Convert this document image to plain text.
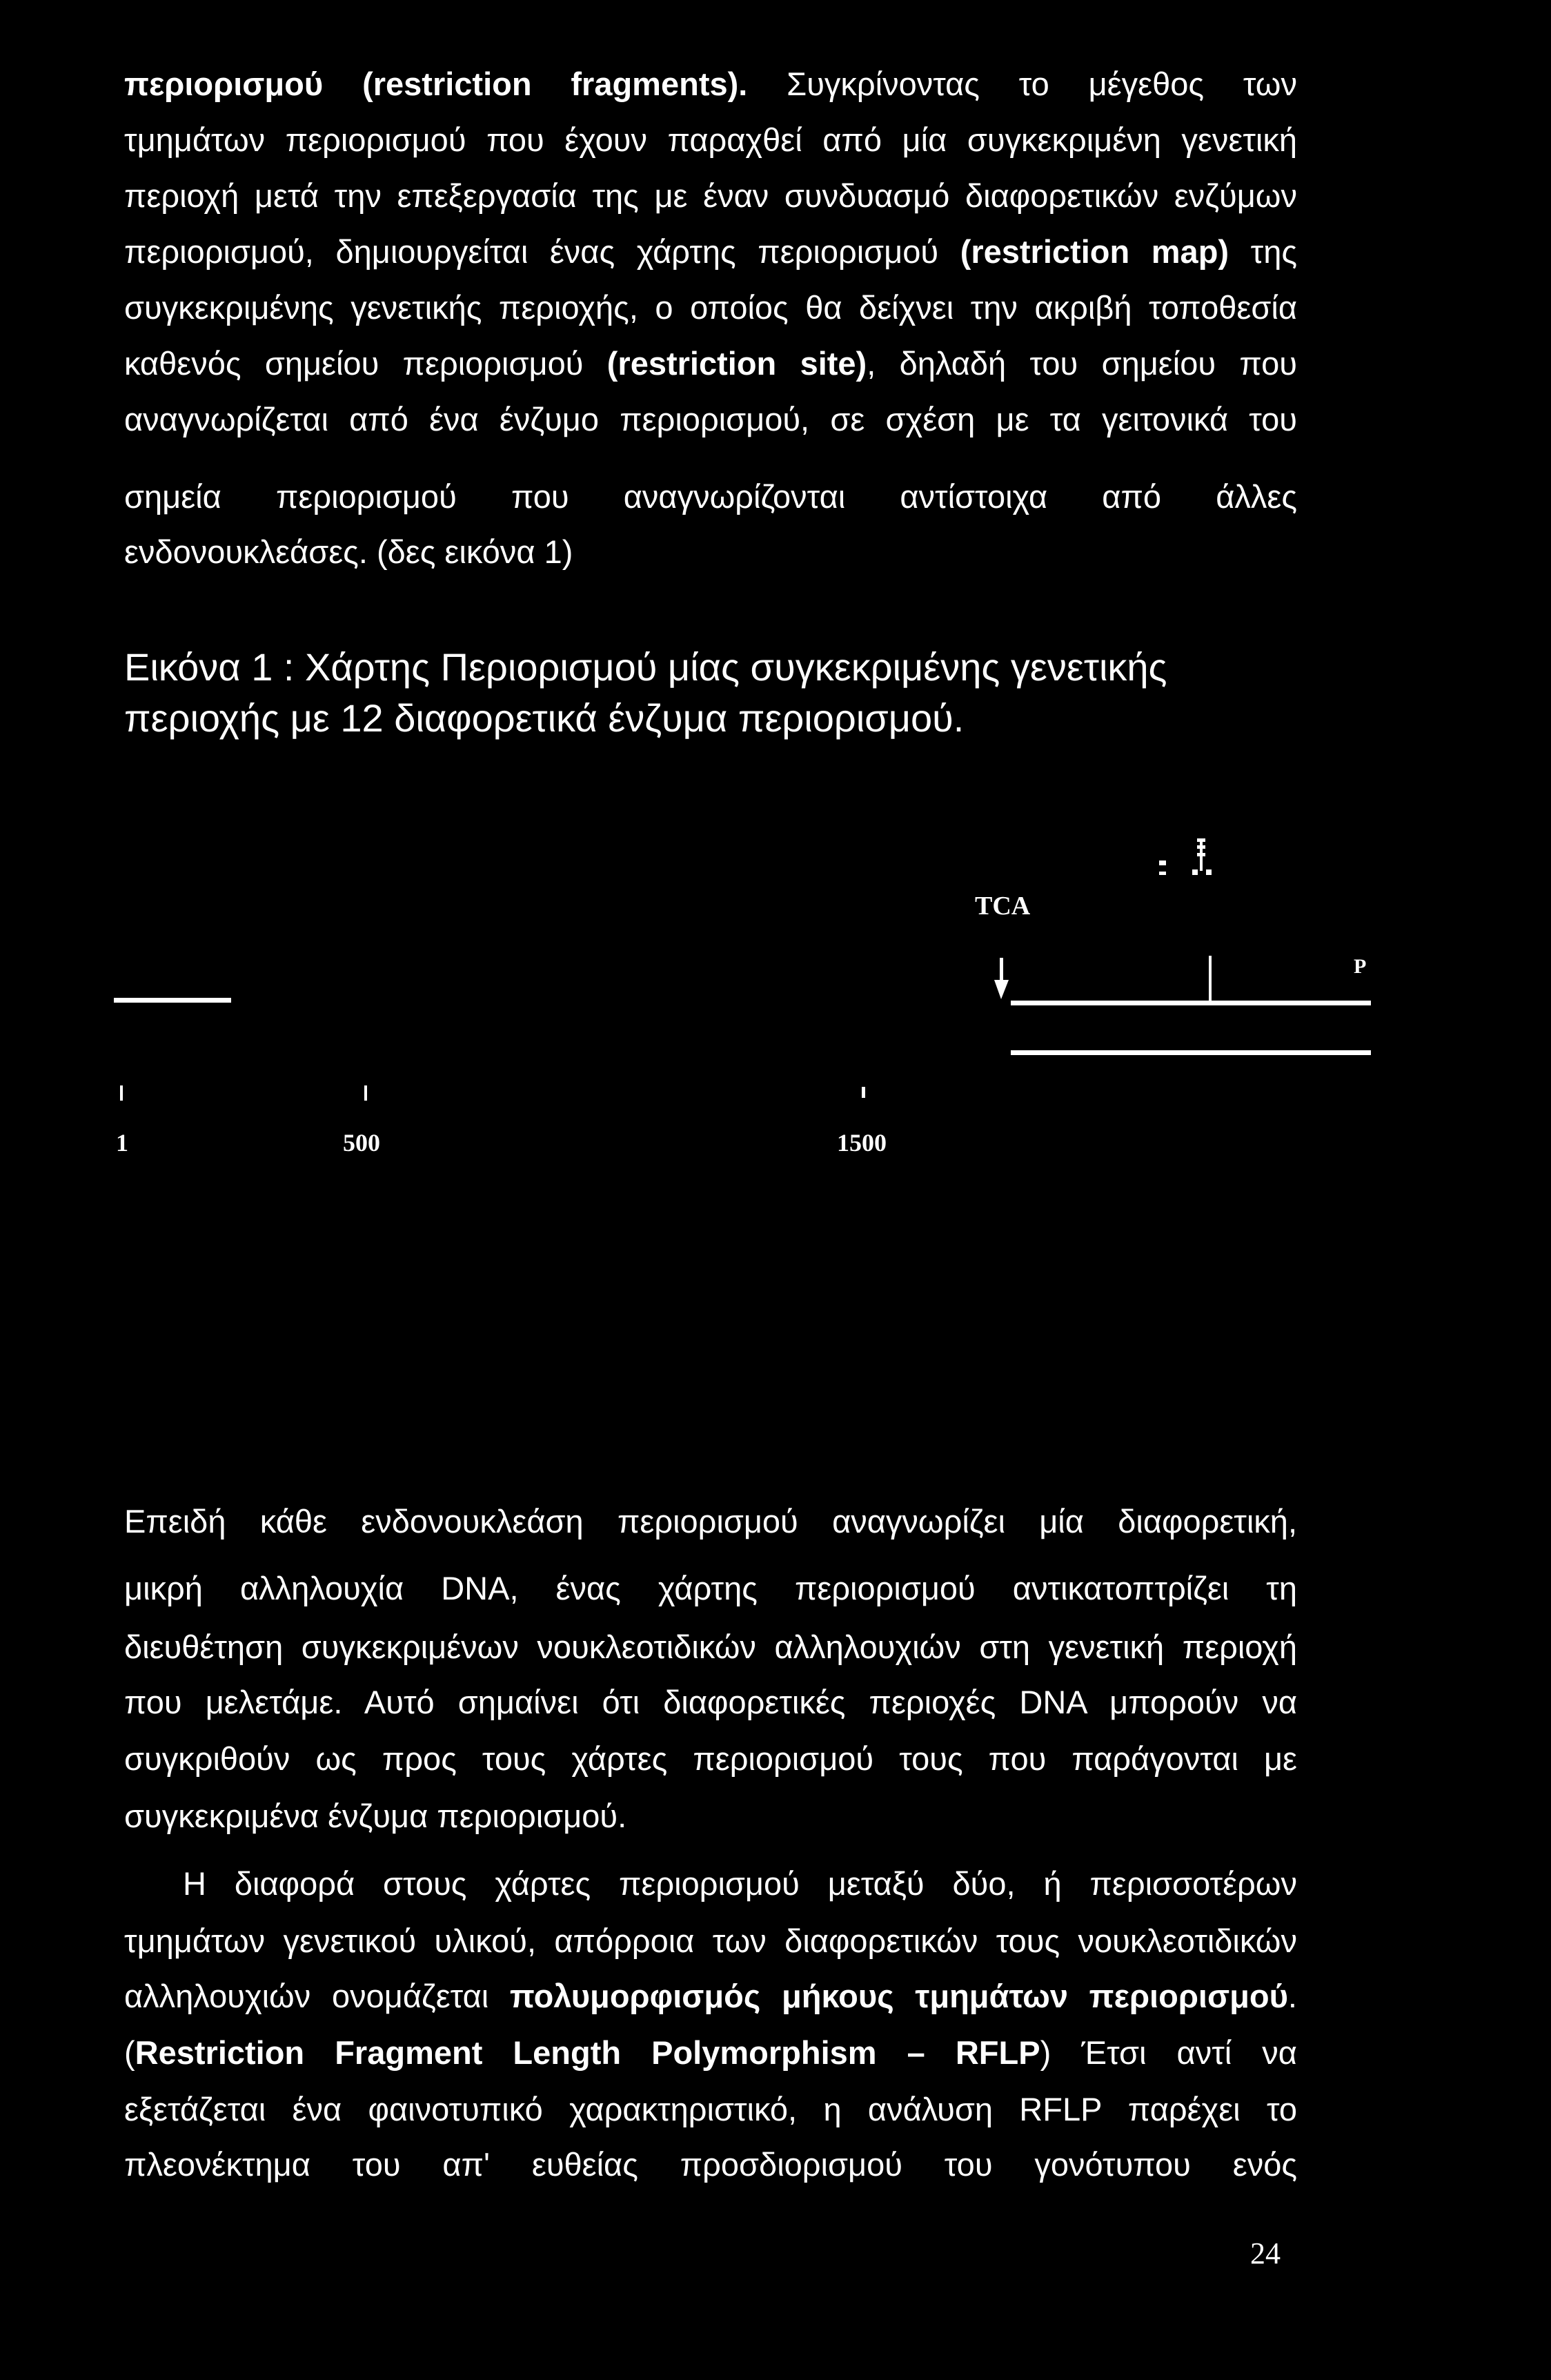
περιορισμού (restriction fragments). Συγκρίνοντας το μέγεθος των
τμημάτων περιορισμού που έχουν παραχθεί από μία συγκεκριμένη γενετική
περιοχή μετά την επεξεργασία της με έναν συνδυασμό διαφορετικών ενζύμων
περιορισμού, δημιουργείται ένας χάρτης περιορισμού (restriction map) της
συγκεκριμένης γενετικής περιοχής, ο οποίος θα δείχνει την ακριβή τοποθεσία
καθενός σημείου περιορισμού (restriction site), δηλαδή του σημείου που
αναγνωρίζεται από ένα ένζυμο περιορισμού, σε σχέση με τα γειτονικά του
σημεία περιορισμού που αναγνωρίζονται αντίστοιχα από άλλες
ενδονουκλεάσες. (δες εικόνα 1)
Εικόνα 1 : Χάρτης Περιορισμού μίας συγκεκριμένης γενετικής
περιοχής με 12 διαφορετικά ένζυμα περιορισμού.
TCA
P
1	500	1500
Επειδή κάθε ενδονουκλεάση περιορισμού αναγνωρίζει μία διαφορετική,
μικρή αλληλουχία DNA, ένας χάρτης περιορισμού αντικατοπτρίζει τη
διευθέτηση συγκεκριμένων νουκλεοτιδικών αλληλουχιών στη γενετική περιοχή
που μελετάμε. Αυτό σημαίνει ότι διαφορετικές περιοχές DNA μπορούν να
συγκριθούν ως προς τους χάρτες περιορισμού τους που παράγονται με
συγκεκριμένα ένζυμα περιορισμού.
Η διαφορά στους χάρτες περιορισμού μεταξύ δύο, ή περισσοτέρων
τμημάτων γενετικού υλικού, απόρροια των διαφορετικών τους νουκλεοτιδικών
αλληλουχιών ονομάζεται πολυμορφισμός μήκους τμημάτων περιορισμού.
(Restriction Fragment Length Polymorphism – RFLP) Έτσι αντί να
εξετάζεται ένα φαινοτυπικό χαρακτηριστικό, η ανάλυση RFLP παρέχει το
πλεονέκτημα του απ' ευθείας προσδιορισμού του γονότυπου ενός
24
